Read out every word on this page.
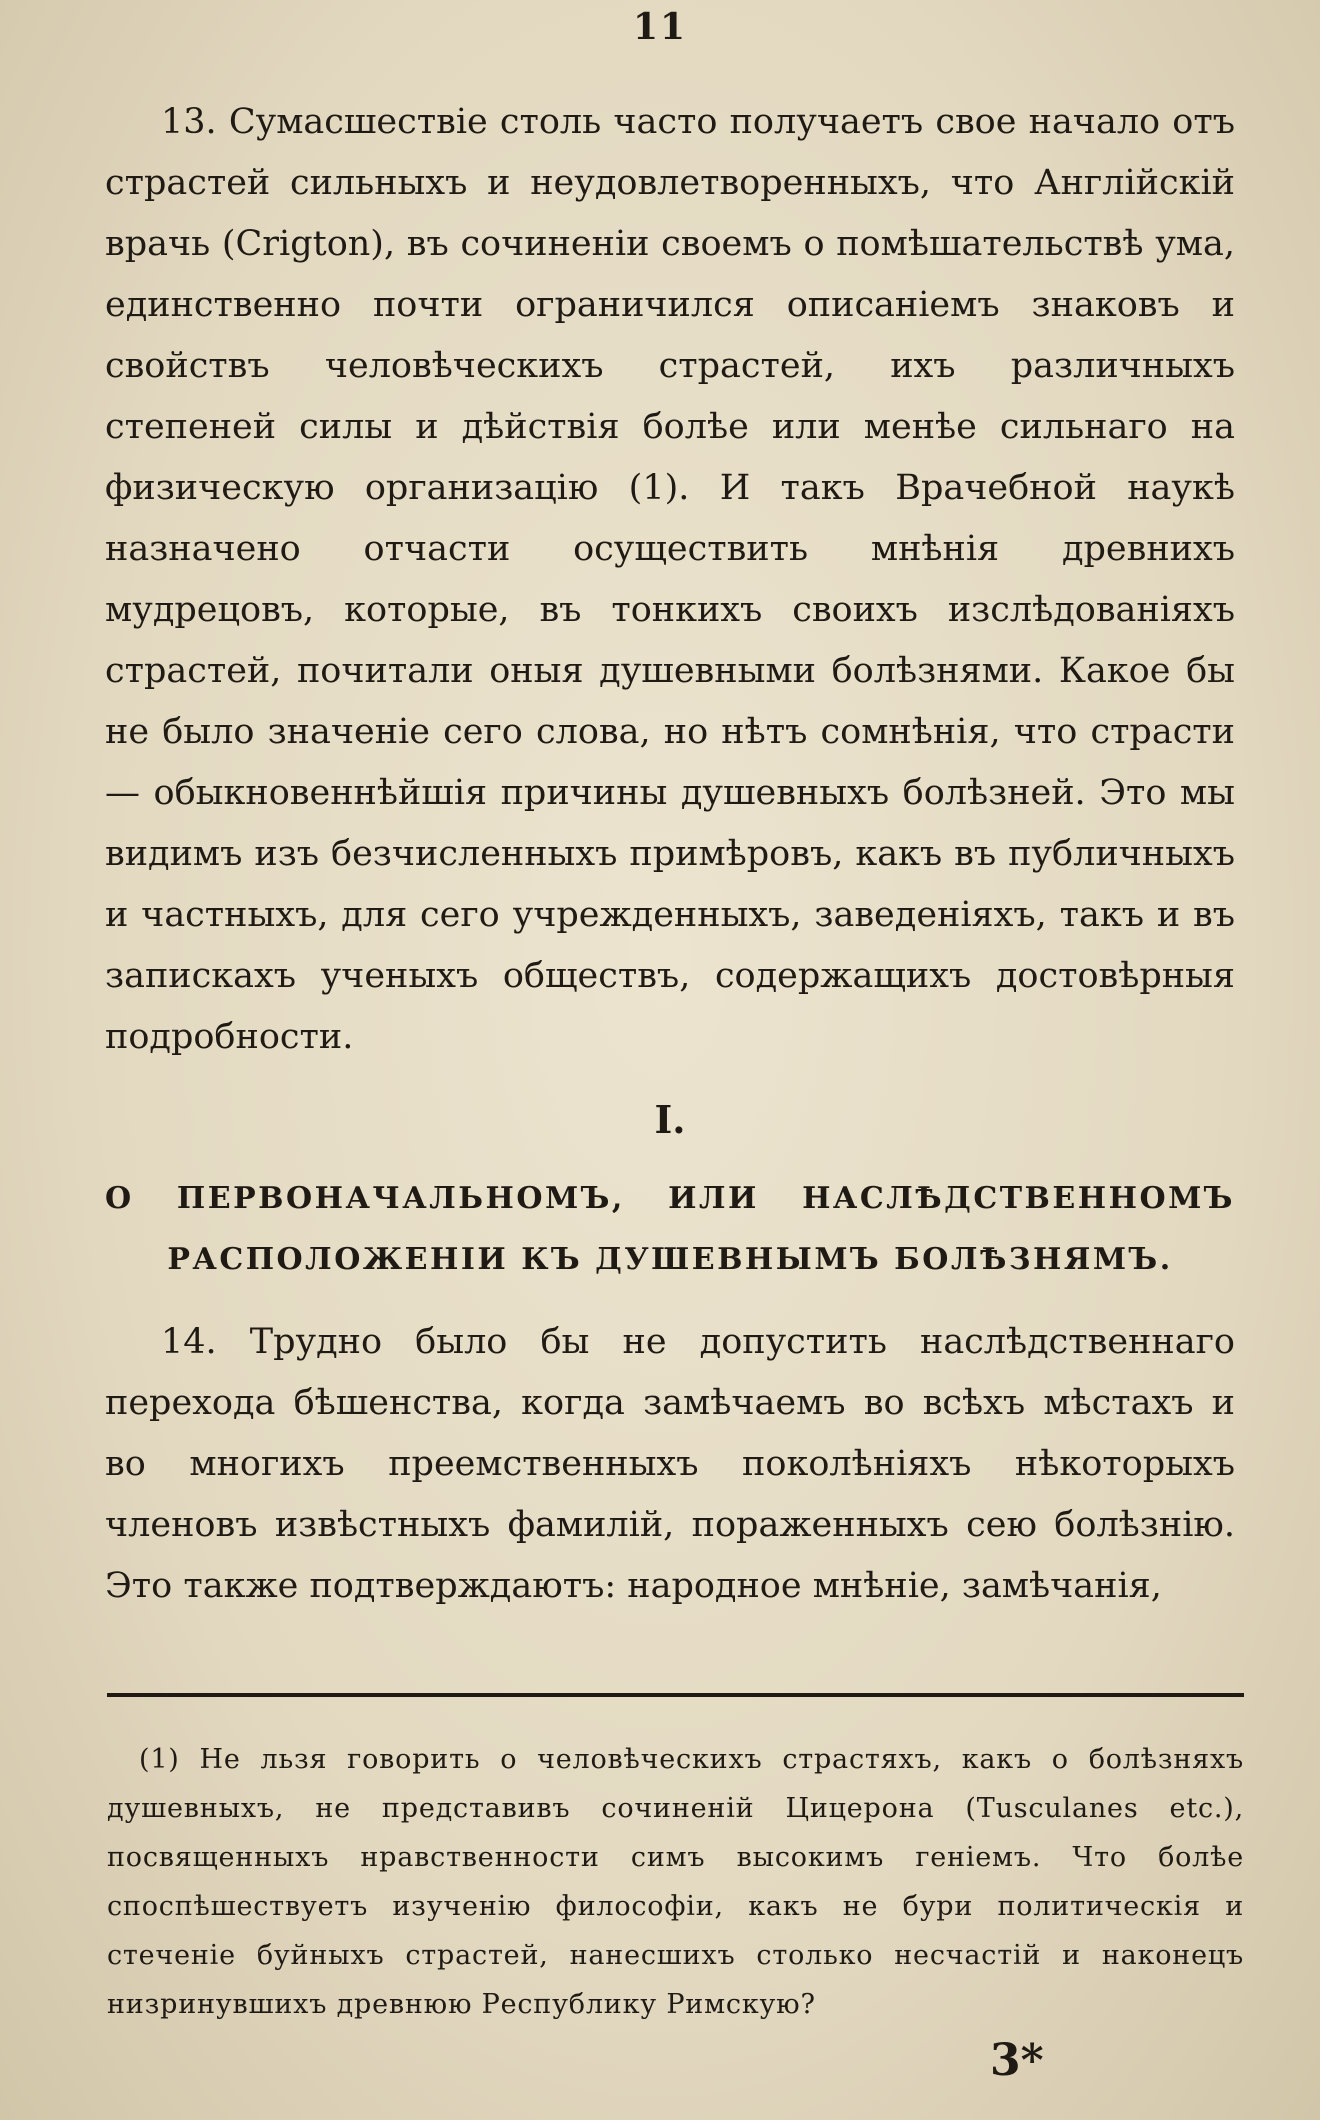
11

13. Сумасшествіе столь часто получаетъ свое начало отъ страстей сильныхъ и неудовлетворенныхъ, что Англійскій врачь (Crigton), въ сочиненіи своемъ о помѣшательствѣ ума, единственно почти ограничился описаніемъ знаковъ и свойствъ человѣческихъ страстей, ихъ различныхъ степеней силы и дѣйствія болѣе или менѣе сильнаго на физическую организацію (1). И такъ Врачебной наукѣ назначено отчасти осуществить мнѣнія древнихъ мудрецовъ, которые, въ тонкихъ своихъ изслѣдованіяхъ страстей, почитали оныя душевными болѣзнями. Какое бы не было значеніе сего слова, но нѣтъ сомнѣнія, что страсти — обыкновеннѣйшія причины душевныхъ болѣзней. Это мы видимъ изъ безчисленныхъ примѣровъ, какъ въ публичныхъ и частныхъ, для сего учрежденныхъ, заведеніяхъ, такъ и въ запискахъ ученыхъ обществъ, содержащихъ достовѣрныя подробности.

I.
О ПЕРВОНАЧАЛЬНОМЪ, ИЛИ НАСЛѢДСТВЕННОМЪ РАСПОЛОЖЕНІИ КЪ ДУШЕВНЫМЪ БОЛѢЗНЯМЪ.

14. Трудно было бы не допустить наслѣдственнаго перехода бѣшенства, когда замѣчаемъ во всѣхъ мѣстахъ и во многихъ преемственныхъ поколѣніяхъ нѣкоторыхъ членовъ извѣстныхъ фамилій, пораженныхъ сею болѣзнію. Это также подтверждаютъ: народное мнѣніе, замѣчанія,

(1) Не льзя говорить о человѣческихъ страстяхъ, какъ о болѣзняхъ душевныхъ, не представивъ сочиненій Цицерона (Tusculanes etc.), посвященныхъ нравственности симъ высокимъ геніемъ. Что болѣе споспѣшествуетъ изученію философіи, какъ не бури политическія и стеченіе буйныхъ страстей, нанесшихъ столько несчастій и наконецъ низринувшихъ древнюю Республику Римскую?

3*
